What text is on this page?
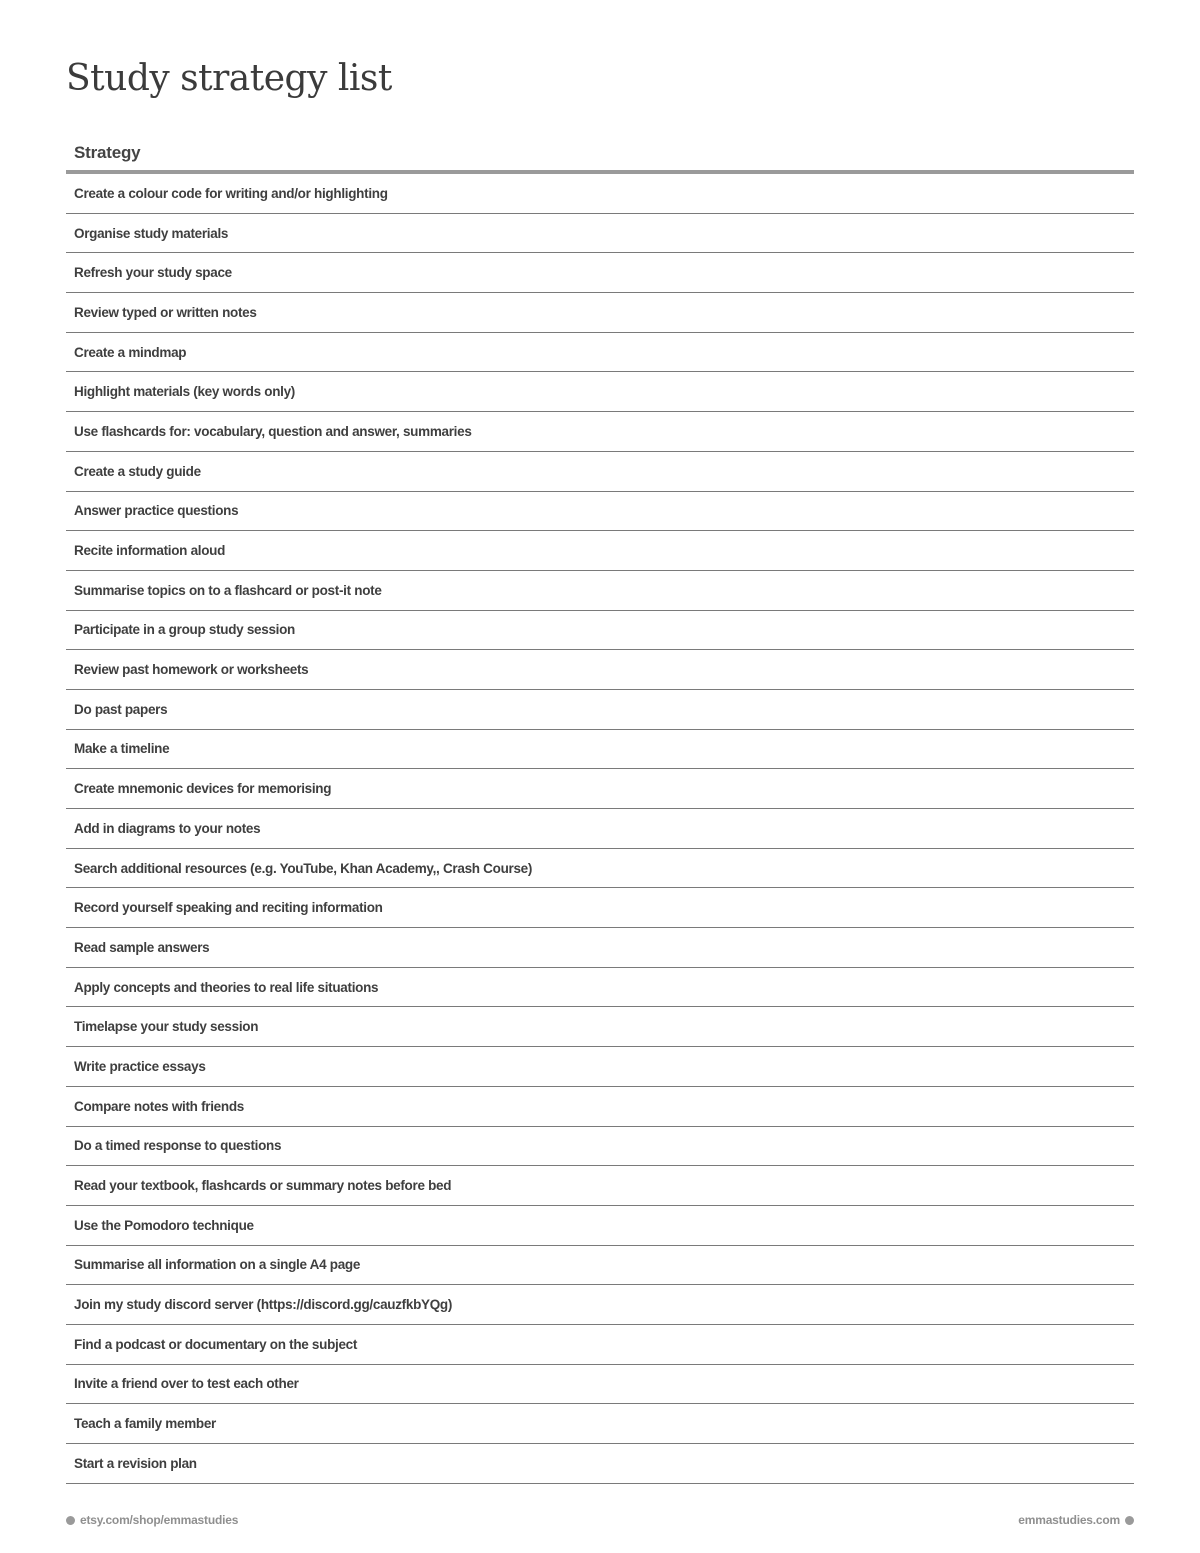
Study strategy list
Strategy
Create a colour code for writing and/or highlighting
Organise study materials
Refresh your study space
Review typed or written notes
Create a mindmap
Highlight materials (key words only)
Use flashcards for: vocabulary, question and answer, summaries
Create a study guide
Answer practice questions
Recite information aloud
Summarise topics on to a flashcard or post-it note
Participate in a group study session
Review past homework or worksheets
Do past papers
Make a timeline
Create mnemonic devices for memorising
Add in diagrams to your notes
Search additional resources (e.g. YouTube, Khan Academy,, Crash Course)
Record yourself speaking and reciting information
Read sample answers
Apply concepts and theories to real life situations
Timelapse your study session
Write practice essays
Compare notes with friends
Do a timed response to questions
Read your textbook, flashcards or summary notes before bed
Use the Pomodoro technique
Summarise all information on a single A4 page
Join my study discord server (https://discord.gg/cauzfkbYQg)
Find a podcast or documentary on the subject
Invite a friend over to test each other
Teach a family member
Start a revision plan
etsy.com/shop/emmastudies	emmastudies.com
